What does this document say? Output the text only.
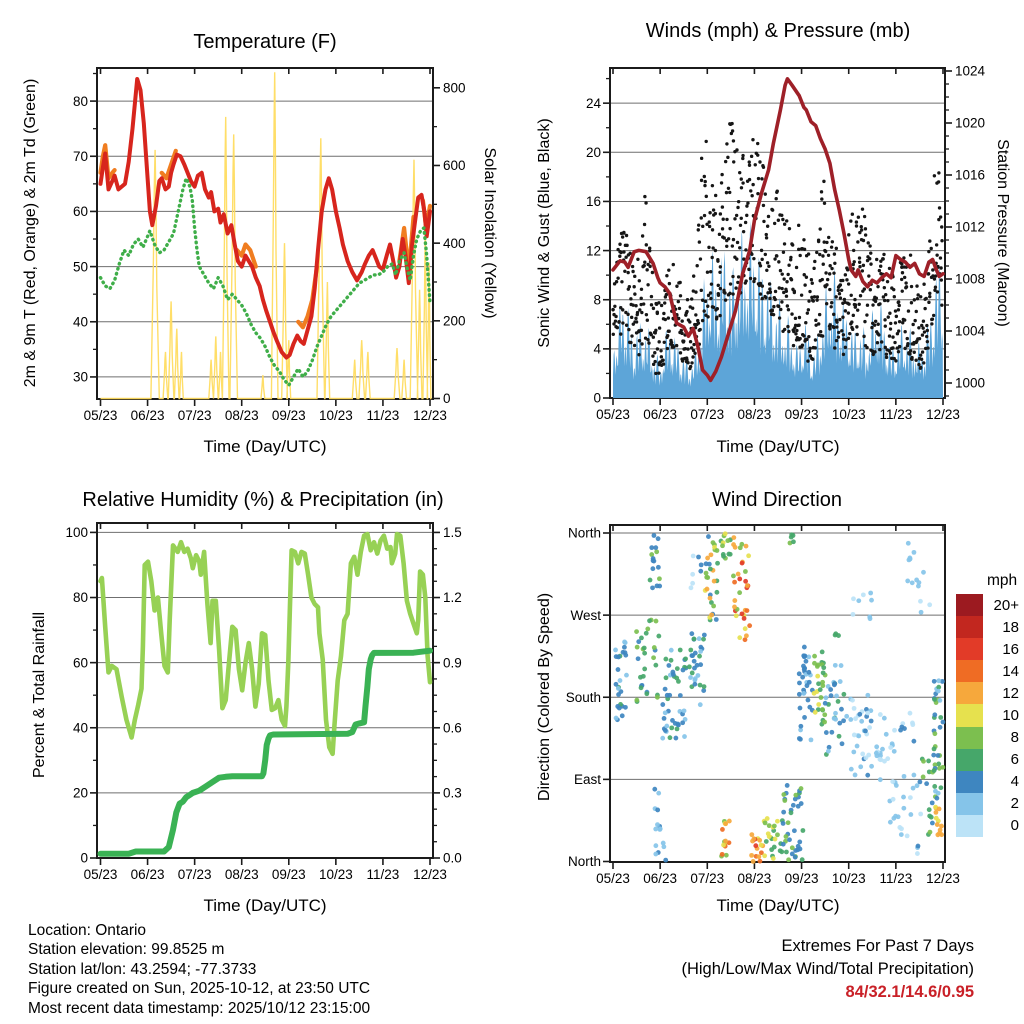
05/23 06/23 07/23 08/23 09/23 10/23 11/23 12/23
30
40
50
60
70
80
0
200
400
600
800
05/23 06/23 07/23 08/23 09/23 10/23 11/23 12/23
0
4
8
12
16
20
24
1000
1004
1008
1012
1016
1020
1024
05/23 06/23 07/23 08/23 09/23 10/23 11/23 12/23
0
20
40
60
80
100
0.0
0.3
0.6
0.9
1.2
1.5
05/23 06/23 07/23 08/23 09/23 10/23 11/23 12/23
North
West
South
East
North
Temperature (F)	Winds (mph) & Pressure (mb)
Relative Humidity (%) & Precipitation (in)	Wind Direction
2m & 9m T (Red, Orange) & 2m Td (Green)	Solar Insolation (Yellow) Sonic Wind & Gust (Blue, Black)	Station Pressure (Maroon)
Percent & Total Rainfall	Direction (Colored By Speed)
Time (Day/UTC)	Time (Day/UTC)
Time (Day/UTC)	Time (Day/UTC)
mph
20+
18
16
14
12
10
8
6
4
2
0
Location: Ontario
Station elevation: 99.8525 m
Station lat/lon: 43.2594; -77.3733
Figure created on Sun, 2025-10-12, at 23:50 UTC
Most recent data timestamp: 2025/10/12 23:15:00
Extremes For Past 7 Days
(High/Low/Max Wind/Total Precipitation)
84/32.1/14.6/0.95
